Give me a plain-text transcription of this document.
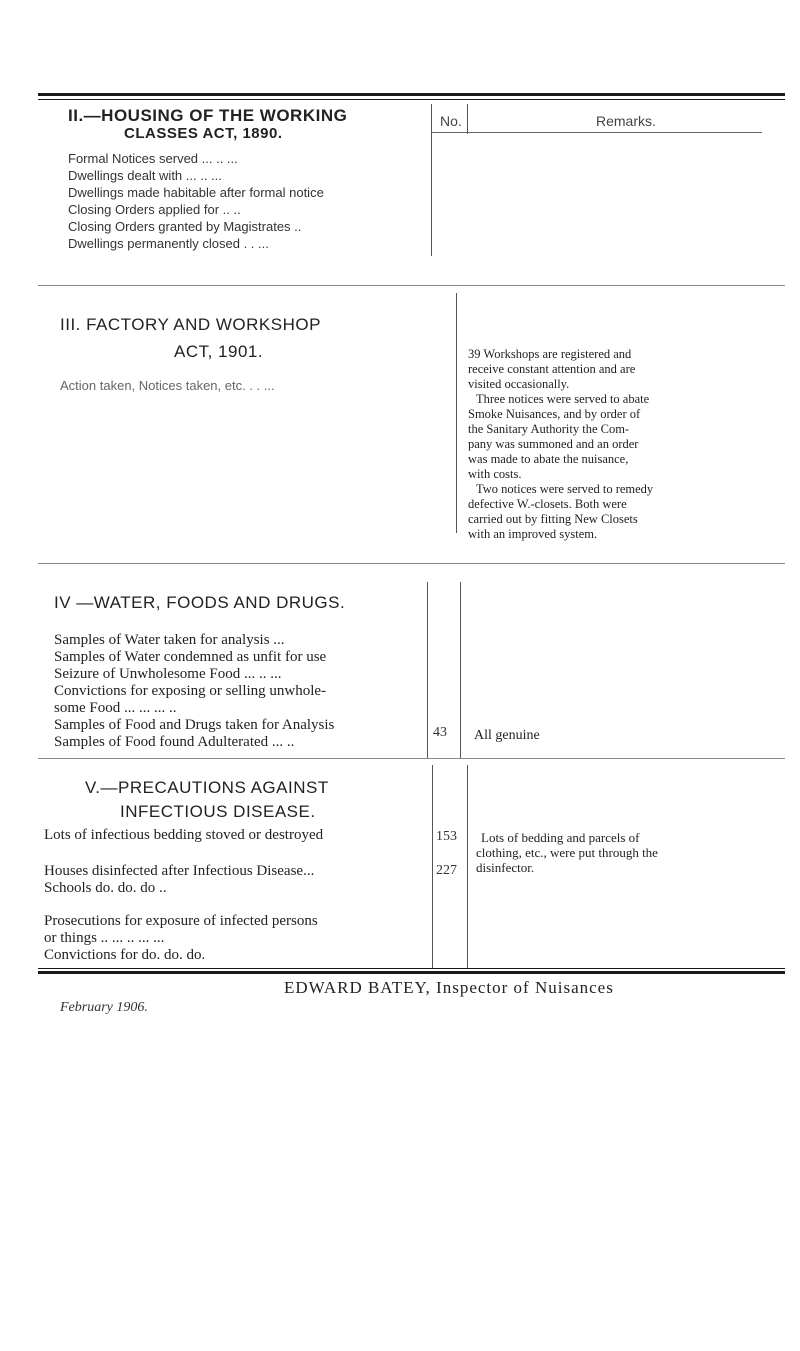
II.—HOUSING OF THE WORKING
CLASSES ACT, 1890.
No.	Remarks.
Formal Notices served ... .. ...
Dwellings dealt with ... .. ...
Dwellings made habitable after formal notice
Closing Orders applied for .. ..
Closing Orders granted by Magistrates ..
Dwellings permanently closed . . ...
III. FACTORY AND WORKSHOP
ACT, 1901.
Action taken, Notices taken, etc. . . ...
39 Workshops are registered and
receive constant attention and are
visited occasionally.
Three notices were served to abate
Smoke Nuisances, and by order of
the Sanitary Authority the Com-
pany was summoned and an order
was made to abate the nuisance,
with costs.
Two notices were served to remedy
defective W.-closets. Both were
carried out by fitting New Closets
with an improved system.
IV —WATER, FOODS AND DRUGS.
Samples of Water taken for analysis ...
Samples of Water condemned as unfit for use
Seizure of Unwholesome Food ... .. ...
Convictions for exposing or selling unwhole-
some Food ... ... ... ..
Samples of Food and Drugs taken for Analysis
Samples of Food found Adulterated ... ..
43 All genuine
V.—PRECAUTIONS AGAINST
INFECTIOUS DISEASE.
Lots of infectious bedding stoved or destroyed
Houses disinfected after Infectious Disease...
Schools do. do. do ..
Prosecutions for exposure of infected persons
or things .. ... .. ... ...
Convictions for do. do. do.
153
227
Lots of bedding and parcels of
clothing, etc., were put through the
disinfector.
EDWARD BATEY, Inspector of Nuisances
February 1906.
